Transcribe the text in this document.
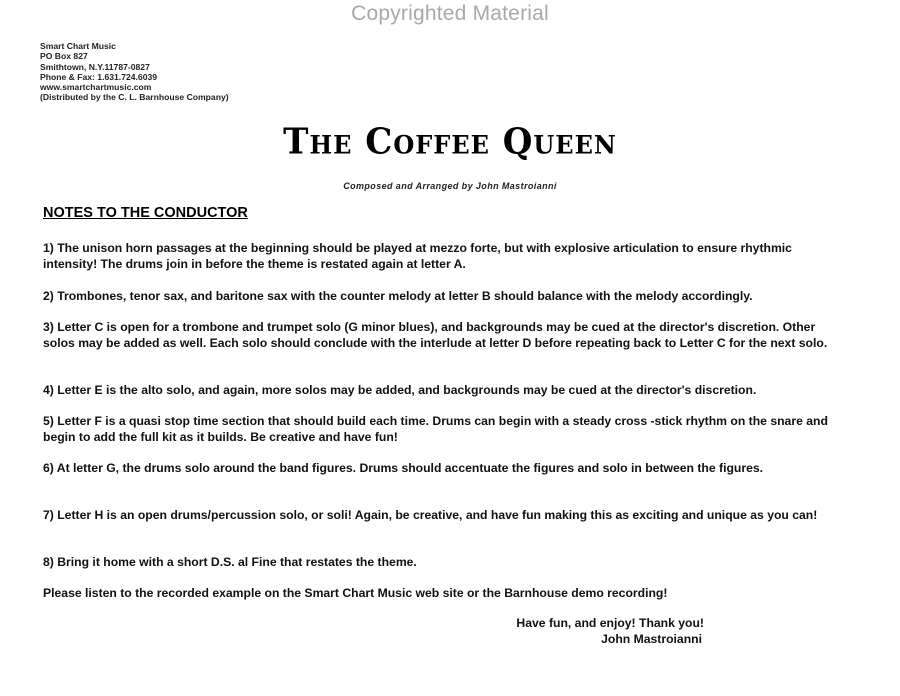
Copyrighted Material
Smart Chart Music
PO Box 827
Smithtown, N.Y.11787-0827
Phone & Fax: 1.631.724.6039
www.smartchartmusic.com
(Distributed by the C. L. Barnhouse Company)
The Coffee Queen
Composed and Arranged by John Mastroianni
NOTES TO THE CONDUCTOR
1) The unison horn passages at the beginning should be played at mezzo forte, but with explosive articulation to ensure rhythmic intensity! The drums join in before the theme is restated again at letter A.
2) Trombones, tenor sax, and baritone sax with the counter melody at letter B should balance with the melody accordingly.
3) Letter C is open for a trombone and trumpet solo (G minor blues), and backgrounds may be cued at the director's discretion. Other solos may be added as well. Each solo should conclude with the interlude at letter D before repeating back to Letter C for the next solo.
4) Letter E is the alto solo, and again, more solos may be added, and backgrounds may be cued at the director's discretion.
5) Letter F is a quasi stop time section that should build each time. Drums can begin with a steady cross -stick rhythm on the snare and begin to add the full kit as it builds. Be creative and have fun!
6) At letter G, the drums solo around the band figures. Drums should accentuate the figures and solo in between the figures.
7) Letter H is an open drums/percussion solo, or soli! Again, be creative, and have fun making this as exciting and unique as you can!
8) Bring it home with a short D.S. al Fine that restates the theme.
Please listen to the recorded example on the Smart Chart Music web site or the Barnhouse demo recording!
Have fun, and enjoy! Thank you!
John Mastroianni
